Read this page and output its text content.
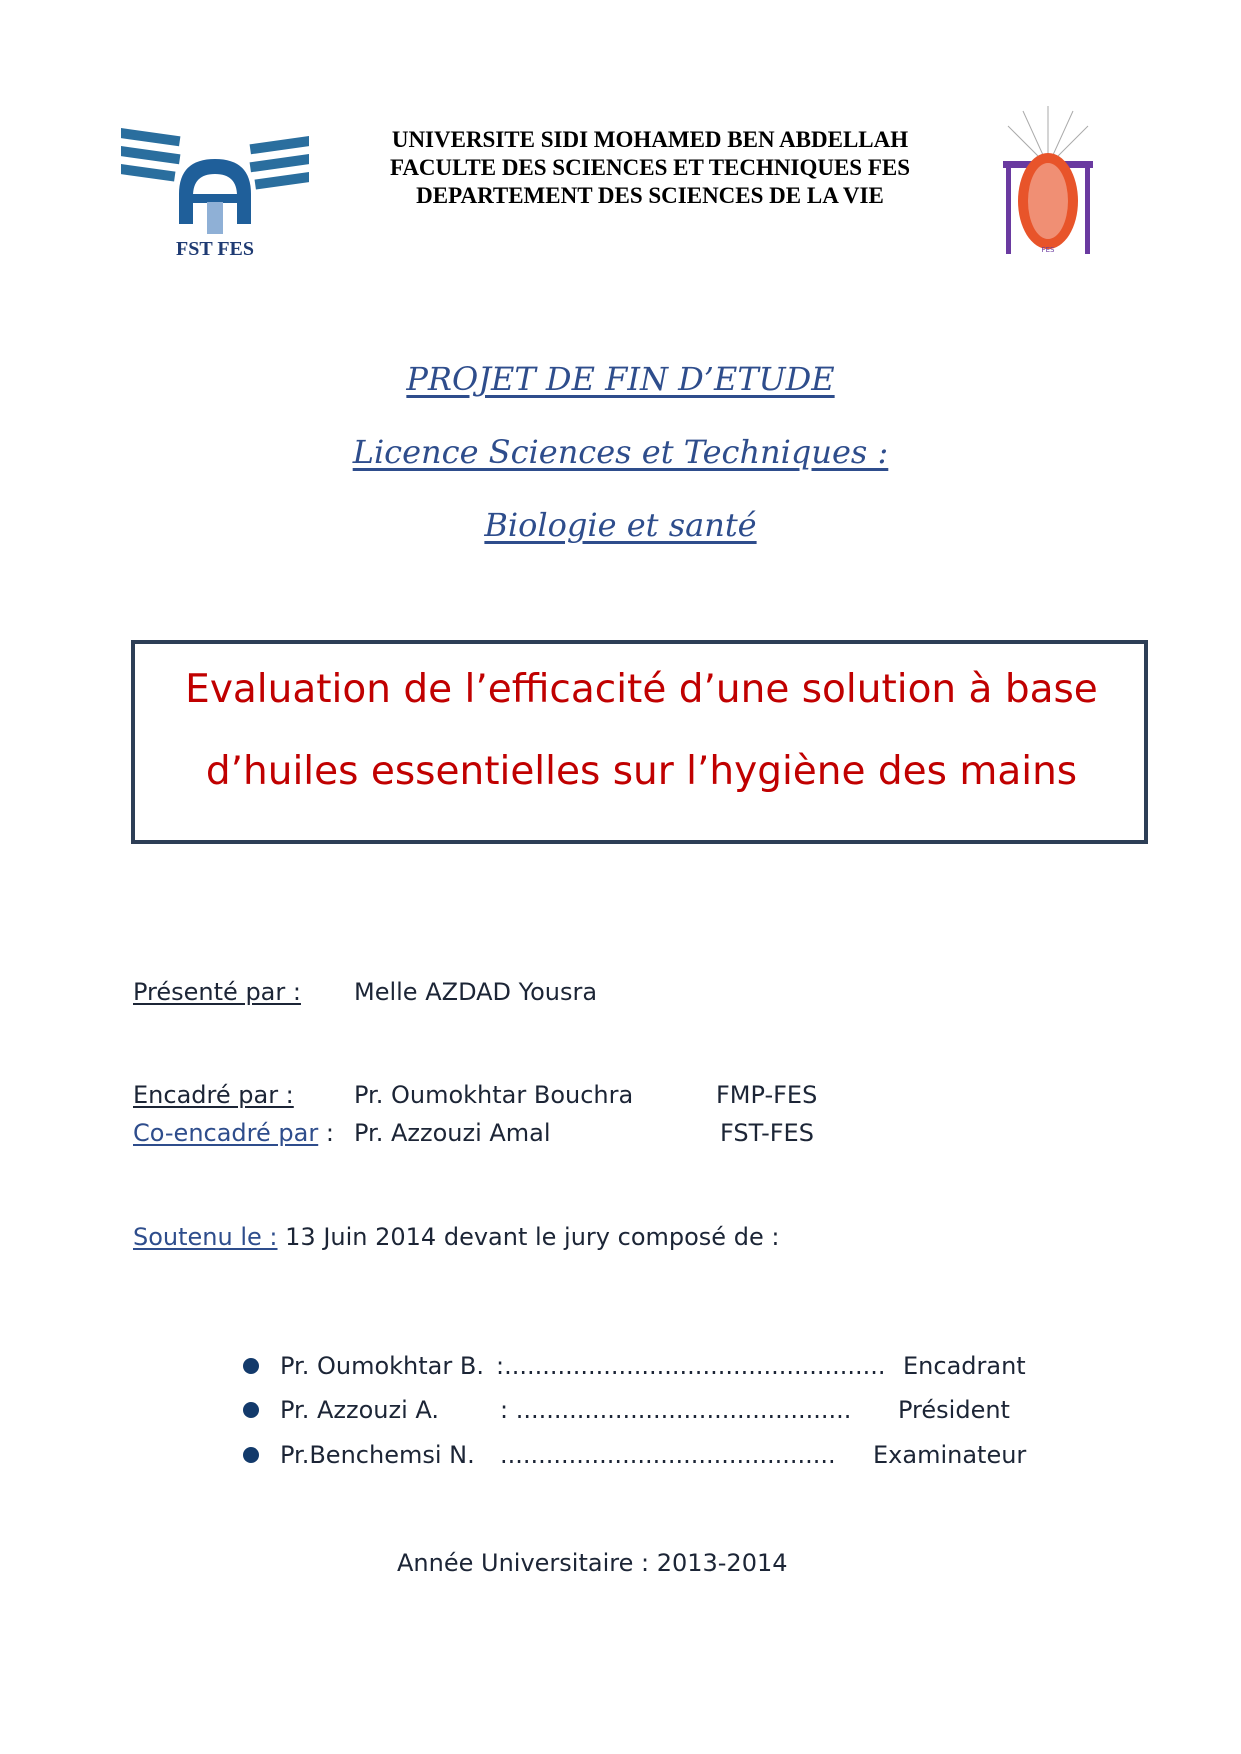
FST FES
UNIVERSITE SIDI MOHAMED BEN ABDELLAH
FACULTE DES SCIENCES ET TECHNIQUES FES
DEPARTEMENT DES SCIENCES DE LA VIE
FES
PROJET DE FIN D’ETUDE
Licence Sciences et Techniques :
Biologie et santé
Evaluation de l’efficacité d’une solution à base
d’huiles essentielles sur l’hygiène des mains
Présenté par : Melle AZDAD Yousra
Encadré par :	Pr. Oumokhtar Bouchra	FMP-FES
Co-encadré par : Pr. Azzouzi Amal	FST-FES
Soutenu le : 13 Juin 2014 devant le jury composé de :
Pr. Oumokhtar B. :.................................................. Encadrant
Pr. Azzouzi A.	: ............................................ Président
Pr.Benchemsi N. ............................................ Examinateur
Année Universitaire : 2013-2014
